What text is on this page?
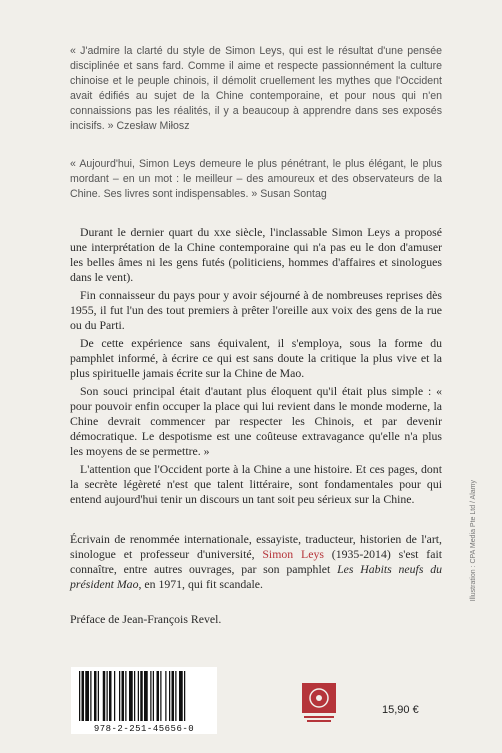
« J'admire la clarté du style de Simon Leys, qui est le résultat d'une pensée disciplinée et sans fard. Comme il aime et respecte passionnément la culture chinoise et le peuple chinois, il démolit cruellement les mythes que l'Occident avait édifiés au sujet de la Chine contemporaine, et pour nous qui n'en connaissions pas les réalités, il y a beaucoup à apprendre dans ses exposés incisifs. » Czesław Miłosz
« Aujourd'hui, Simon Leys demeure le plus pénétrant, le plus élégant, le plus mordant – en un mot : le meilleur – des amoureux et des observateurs de la Chine. Ses livres sont indispensables. » Susan Sontag

Durant le dernier quart du xxe siècle, l'inclassable Simon Leys a proposé une interprétation de la Chine contemporaine qui n'a pas eu le don d'amuser les belles âmes ni les gens futés (politiciens, hommes d'affaires et sinologues dans le vent).

Fin connaisseur du pays pour y avoir séjourné à de nombreuses reprises dès 1955, il fut l'un des tout premiers à prêter l'oreille aux voix des gens de la rue ou du Parti.

De cette expérience sans équivalent, il s'employa, sous la forme du pamphlet informé, à écrire ce qui est sans doute la critique la plus vive et la plus spirituelle jamais écrite sur la Chine de Mao.

Son souci principal était d'autant plus éloquent qu'il était plus simple : « pour pouvoir enfin occuper la place qui lui revient dans le monde moderne, la Chine devrait commencer par respecter les Chinois, et par devenir démocratique. Le despotisme est une coûteuse extravagance qu'elle n'a plus les moyens de se permettre. »

L'attention que l'Occident porte à la Chine a une histoire. Et ces pages, dont la secrète légèreté n'est que talent littéraire, sont fondamentales pour qui entend aujourd'hui tenir un discours un tant soit peu sérieux sur la Chine.

Écrivain de renommée internationale, essayiste, traducteur, historien de l'art, sinologue et professeur d'université, Simon Leys (1935-2014) s'est fait connaître, entre autres ouvrages, par son pamphlet Les Habits neufs du président Mao, en 1971, qui fit scandale.

Préface de Jean-François Revel.

Illustration : CPA Media Pte Ltd / Alamy
978-2-251-45656-0
15,90 €
